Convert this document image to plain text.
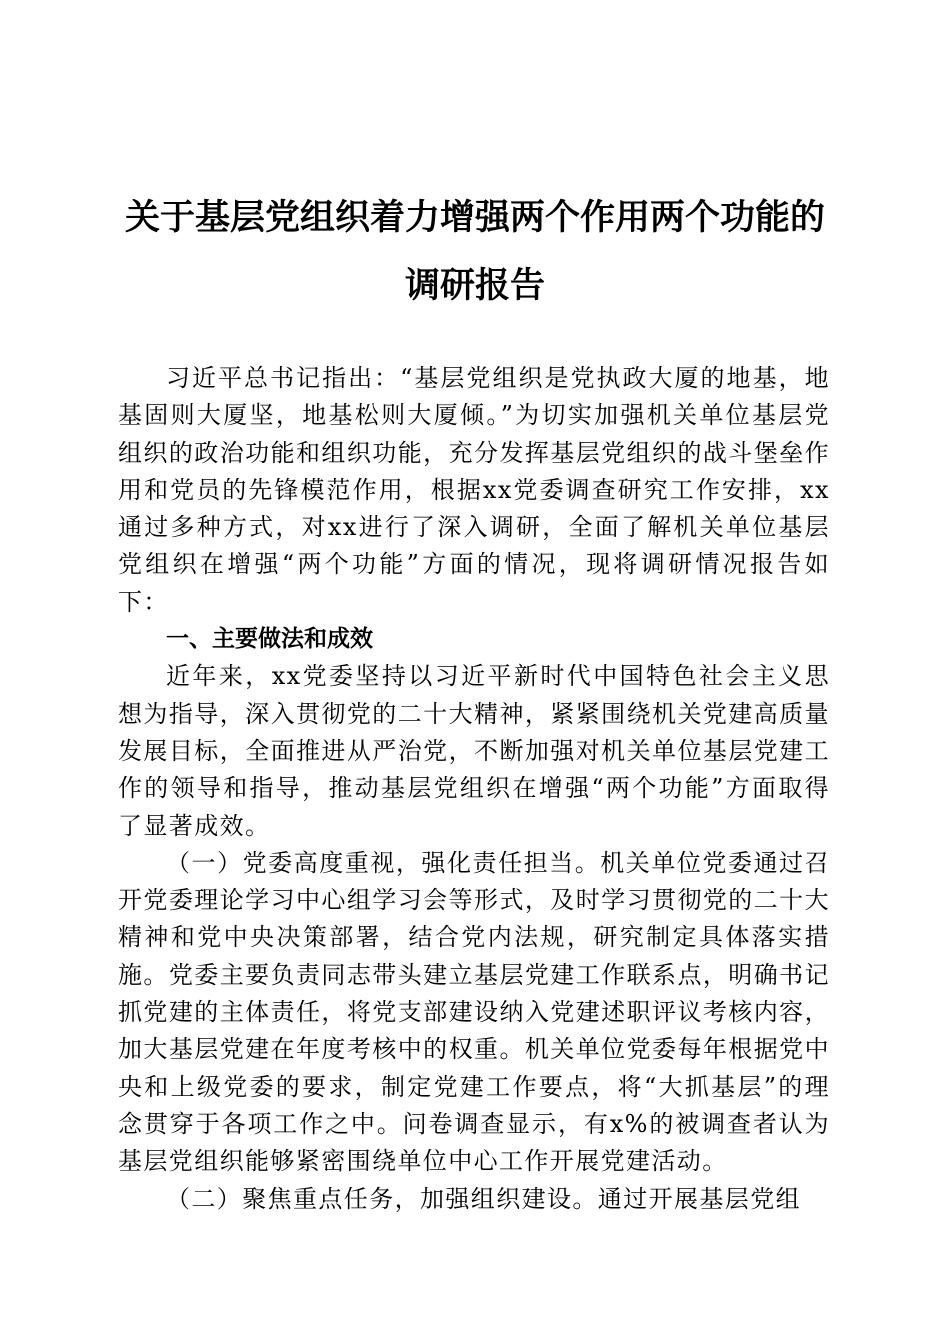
关于基层党组织着力增强两个作用两个功能的
调研报告

习近平总书记指出：“基层党组织是党执政大厦的地基，地基固则大厦坚，地基松则大厦倾。”为切实加强机关单位基层党组织的政治功能和组织功能，充分发挥基层党组织的战斗堡垒作用和党员的先锋模范作用，根据xx党委调查研究工作安排，xx通过多种方式，对xx进行了深入调研，全面了解机关单位基层党组织在增强“两个功能”方面的情况，现将调研情况报告如下：

一、主要做法和成效

近年来，xx党委坚持以习近平新时代中国特色社会主义思想为指导，深入贯彻党的二十大精神，紧紧围绕机关党建高质量发展目标，全面推进从严治党，不断加强对机关单位基层党建工作的领导和指导，推动基层党组织在增强“两个功能”方面取得了显著成效。

（一）党委高度重视，强化责任担当。机关单位党委通过召开党委理论学习中心组学习会等形式，及时学习贯彻党的二十大精神和党中央决策部署，结合党内法规，研究制定具体落实措施。党委主要负责同志带头建立基层党建工作联系点，明确书记抓党建的主体责任，将党支部建设纳入党建述职评议考核内容，加大基层党建在年度考核中的权重。机关单位党委每年根据党中央和上级党委的要求，制定党建工作要点，将“大抓基层”的理念贯穿于各项工作之中。问卷调查显示，有x%的被调查者认为基层党组织能够紧密围绕单位中心工作开展党建活动。

（二）聚焦重点任务，加强组织建设。通过开展基层党组
